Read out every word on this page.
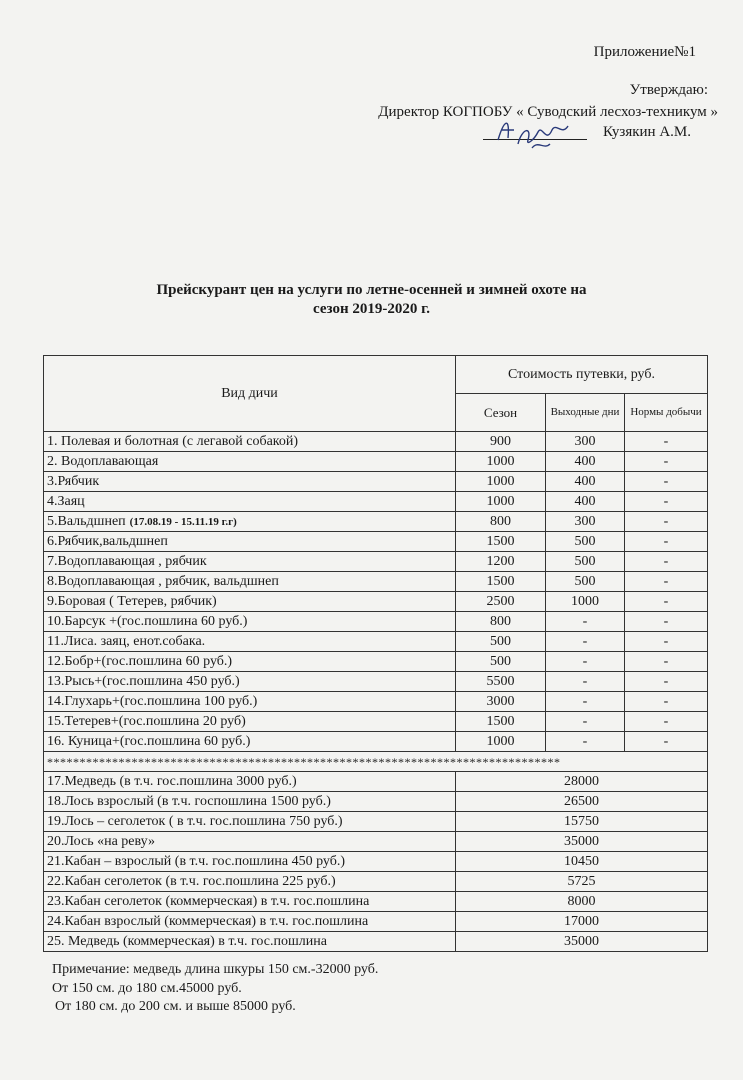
Приложение№1
Утверждаю:
Директор КОГПОБУ « Суводский лесхоз-техникум »
Кузякин А.М.
Прейскурант цен на услуги по летне-осенней и зимней охоте на
сезон 2019-2020 г.
Вид дичи	Стоимость путевки, руб.		
	Сезон	Выходные дни	Нормы добычи
1. Полевая и болотная (с легавой собакой)	900	300	-
2. Водоплавающая	1000	400	-
3.Рябчик	1000	400	-
4.Заяц	1000	400	-
5.Вальдшнеп (17.08.19 - 15.11.19 г.г)	800	300	-
6.Рябчик,вальдшнеп	1500	500	-
7.Водоплавающая , рябчик	1200	500	-
8.Водоплавающая , рябчик, вальдшнеп	1500	500	-
9.Боровая ( Тетерев, рябчик)	2500	1000	-
10.Барсук +(гос.пошлина 60 руб.)	800	-	-
11.Лиса. заяц, енот.собака.	500	-	-
12.Бобр+(гос.пошлина 60 руб.)	500	-	-
13.Рысь+(гос.пошлина 450 руб.)	5500	-	-
14.Глухарь+(гос.пошлина 100 руб.)	3000	-	-
15.Тетерев+(гос.пошлина 20 руб)	1500	-	-
16. Куница+(гос.пошлина 60 руб.)	1000	-	-
*******************************************************************************			
17.Медведь (в т.ч. гос.пошлина 3000 руб.)	28000		
18.Лось взрослый (в т.ч. госпошлина 1500 руб.)	26500		
19.Лось – сеголеток ( в т.ч. гос.пошлина 750 руб.)	15750		
20.Лось «на реву»	35000		
21.Кабан – взрослый (в т.ч. гос.пошлина 450 руб.)	10450		
22.Кабан сеголеток (в т.ч. гос.пошлина 225 руб.)	5725		
23.Кабан сеголеток (коммерческая) в т.ч. гос.пошлина	8000		
24.Кабан взрослый (коммерческая) в т.ч. гос.пошлина	17000		
25. Медведь (коммерческая) в т.ч. гос.пошлина	35000		
Примечание: медведь длина шкуры 150 см.-32000 руб.
От 150 см. до 180 см.45000 руб.
От 180 см. до 200 см. и выше 85000 руб.
